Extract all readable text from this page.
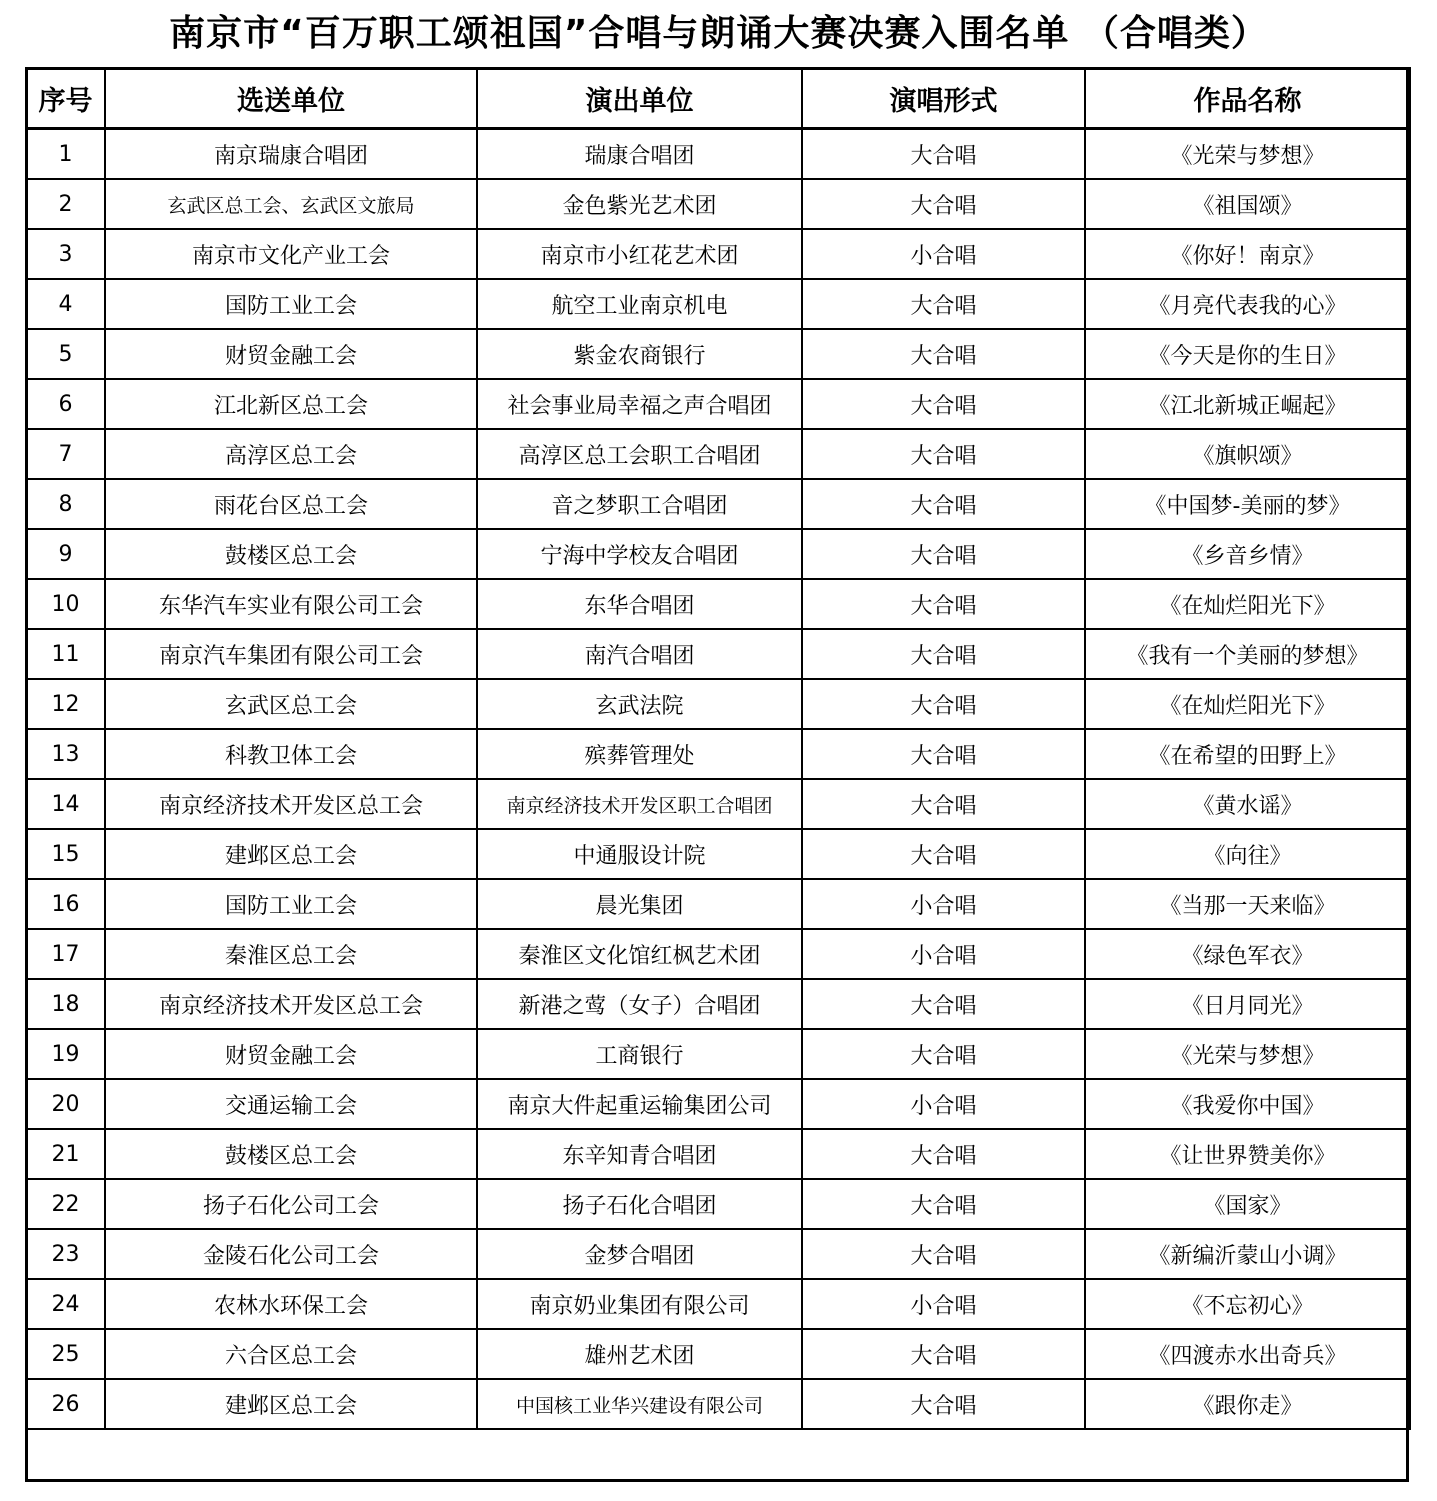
南京市“百万职工颂祖国”合唱与朗诵大赛决赛入围名单 （合唱类）
序号	选送单位	演出单位	演唱形式	作品名称
1	南京瑞康合唱团	瑞康合唱团	大合唱	《光荣与梦想》
2	玄武区总工会、玄武区文旅局	金色紫光艺术团	大合唱	《祖国颂》
3	南京市文化产业工会	南京市小红花艺术团	小合唱	《你好！南京》
4	国防工业工会	航空工业南京机电	大合唱	《月亮代表我的心》
5	财贸金融工会	紫金农商银行	大合唱	《今天是你的生日》
6	江北新区总工会	社会事业局幸福之声合唱团	大合唱	《江北新城正崛起》
7	高淳区总工会	高淳区总工会职工合唱团	大合唱	《旗帜颂》
8	雨花台区总工会	音之梦职工合唱团	大合唱	《中国梦-美丽的梦》
9	鼓楼区总工会	宁海中学校友合唱团	大合唱	《乡音乡情》
10	东华汽车实业有限公司工会	东华合唱团	大合唱	《在灿烂阳光下》
11	南京汽车集团有限公司工会	南汽合唱团	大合唱	《我有一个美丽的梦想》
12	玄武区总工会	玄武法院	大合唱	《在灿烂阳光下》
13	科教卫体工会	殡葬管理处	大合唱	《在希望的田野上》
14	南京经济技术开发区总工会	南京经济技术开发区职工合唱团	大合唱	《黄水谣》
15	建邺区总工会	中通服设计院	大合唱	《向往》
16	国防工业工会	晨光集团	小合唱	《当那一天来临》
17	秦淮区总工会	秦淮区文化馆红枫艺术团	小合唱	《绿色军衣》
18	南京经济技术开发区总工会	新港之莺（女子）合唱团	大合唱	《日月同光》
19	财贸金融工会	工商银行	大合唱	《光荣与梦想》
20	交通运输工会	南京大件起重运输集团公司	小合唱	《我爱你中国》
21	鼓楼区总工会	东辛知青合唱团	大合唱	《让世界赞美你》
22	扬子石化公司工会	扬子石化合唱团	大合唱	《国家》
23	金陵石化公司工会	金梦合唱团	大合唱	《新编沂蒙山小调》
24	农林水环保工会	南京奶业集团有限公司	小合唱	《不忘初心》
25	六合区总工会	雄州艺术团	大合唱	《四渡赤水出奇兵》
26	建邺区总工会	中国核工业华兴建设有限公司	大合唱	《跟你走》
